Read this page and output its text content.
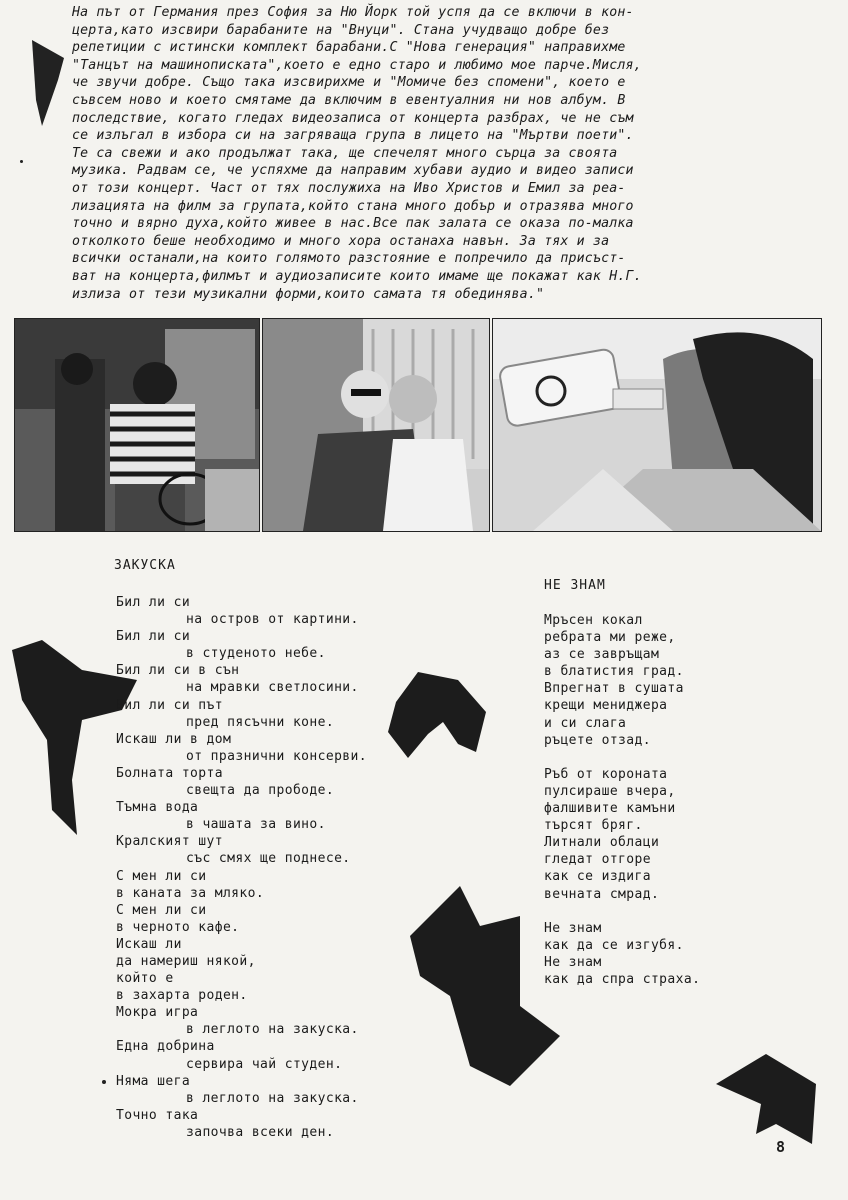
На път от Германия през София за Ню Йорк той успя да се включи в кон-

церта,като изсвири барабаните на "Внуци". Стана учудващо добре без

репетиции с истински комплект барабани.С "Нова генерация" направихме

"Танцът на машинописката",което е едно старо и любимо мое парче.Мисля,

че звучи добре. Също така изсвирихме и "Момиче без спомени", което е

съвсем ново и което смятаме да включим в евентуалния ни нов албум. В

последствие, когато гледах видеозаписа от концерта разбрах, че не съм

се излъгал в избора си на загряваща група в лицето на "Мъртви поети".

Те са свежи и ако продължат така, ще спечелят много сърца за своята

музика. Радвам се, че успяхме да направим хубави аудио и видео записи

от този концерт. Част от тях послужиха на Иво Христов и Емил за реа-

лизацията на филм за групата,който стана много добър и отразява много

точно и вярно духа,който живее в нас.Все пак залата се оказа по-малка

отколкото беше необходимо и много хора останаха навън. За тях и за

всички останали,на които голямото разстояние е попречило да присъст-

ват на концерта,филмът и аудиозаписите които имаме ще покажат как Н.Г.

излиза от тези музикални форми,които самата тя обединява."

ЗАКУСКА

Бил ли си

на остров от картини.

Бил ли си

в студеното небе.

Бил ли си в сън

на мравки светлосини.

Бил ли си път

пред пясъчни коне.

Искаш ли в дом

от празнични консерви.

Болната торта

свещта да прободе.

Тъмна вода

в чашата за вино.

Кралският шут

със смях ще поднесе.

С мен ли си

в каната за мляко.

С мен ли си

в черното кафе.

Искаш ли

да намериш някой,

който е

в захарта роден.

Мокра игра

в леглото на закуска.

Една добрина

сервира чай студен.

Няма шега

в леглото на закуска.

Точно така

започва всеки ден.

НЕ ЗНАМ

Мръсен кокал

ребрата ми реже,

аз се завръщам

в блатистия град.

Впрегнат в сушата

крещи мениджера

и си слага

ръцете отзад.

Ръб от короната

пулсираше вчера,

фалшивите камъни

търсят бряг.

Литнали облаци

гледат отгоре

как се издига

вечната смрад.

Не знам

как да се изгубя.

Не знам

как да спра страха.

8
